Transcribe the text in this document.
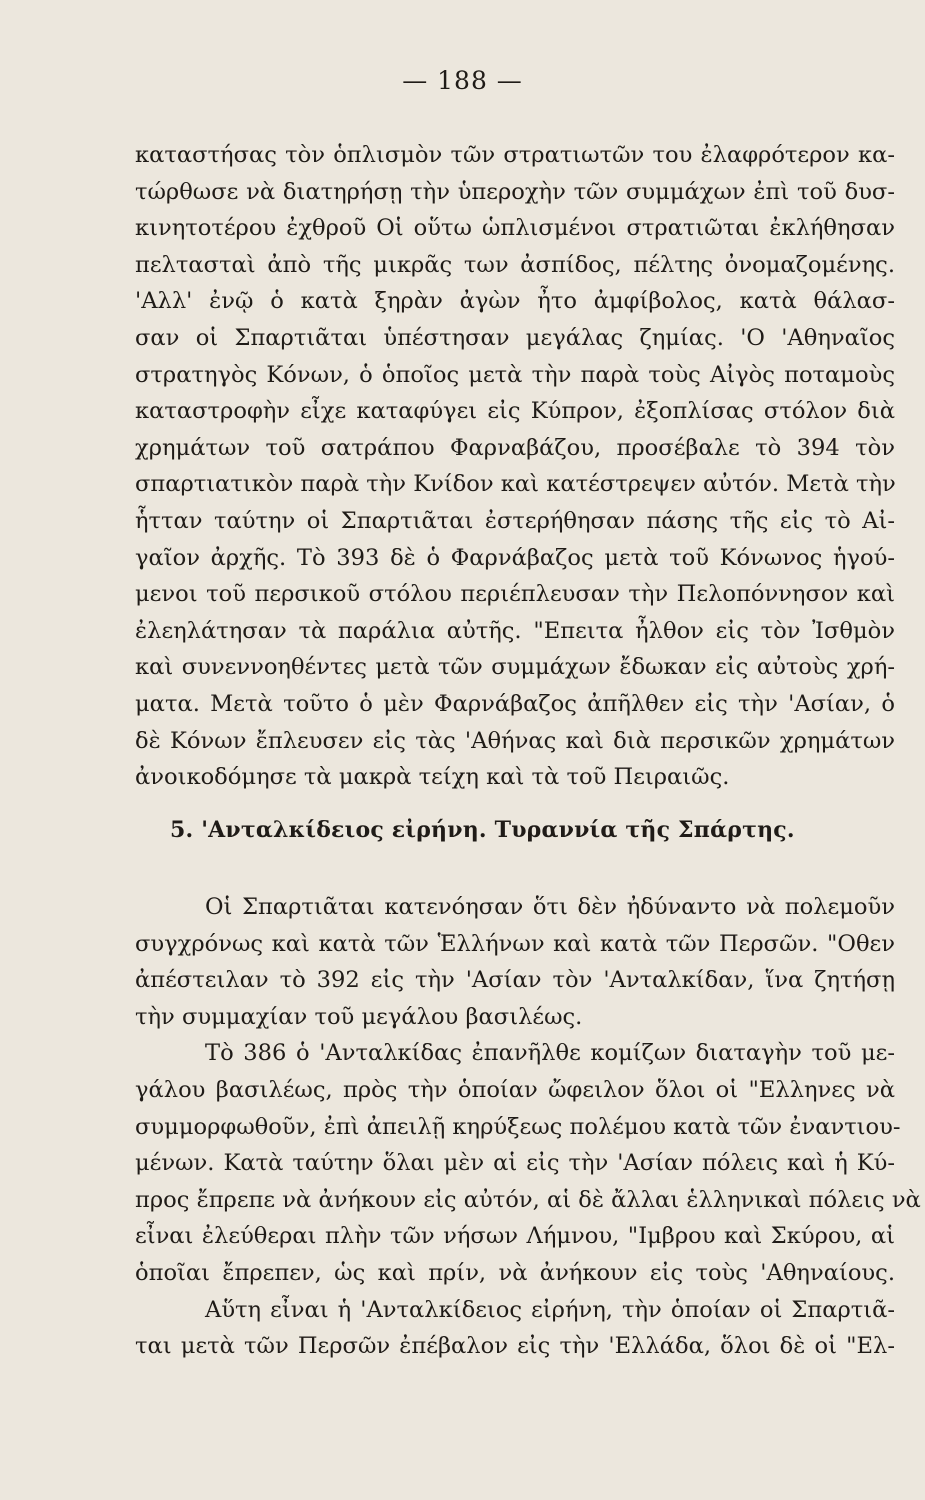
— 188 —
καταστήσας τὸν ὁπλισμὸν τῶν στρατιωτῶν του ἐλαφρότερον κα-
τώρθωσε νὰ διατηρήσῃ τὴν ὑπεροχὴν τῶν συμμάχων ἐπὶ τοῦ δυσ-
κινητοτέρου ἐχθροῦ Οἱ οὕτω ὡπλισμένοι στρατιῶται ἐκλήθησαν
πελτασταὶ ἀπὸ τῆς μικρᾶς των ἀσπίδος, πέλτης ὀνομαζομένης.
'Αλλ' ἐνῷ ὁ κατὰ ξηρὰν ἀγὼν ἦτο ἀμφίβολος, κατὰ θάλασ-
σαν οἱ Σπαρτιᾶται ὑπέστησαν μεγάλας ζημίας. 'Ο 'Αθηναῖος
στρατηγὸς Κόνων, ὁ ὁποῖος μετὰ τὴν παρὰ τοὺς Αἰγὸς ποταμοὺς
καταστροφὴν εἶχε καταφύγει εἰς Κύπρον, ἐξοπλίσας στόλον διὰ
χρημάτων τοῦ σατράπου Φαρναβάζου, προσέβαλε τὸ 394 τὸν
σπαρτιατικὸν παρὰ τὴν Κνίδον καὶ κατέστρεψεν αὐτόν. Μετὰ τὴν
ἧτταν ταύτην οἱ Σπαρτιᾶται ἐστερήθησαν πάσης τῆς εἰς τὸ Αἰ-
γαῖον ἀρχῆς. Τὸ 393 δὲ ὁ Φαρνάβαζος μετὰ τοῦ Κόνωνος ἡγού-
μενοι τοῦ περσικοῦ στόλου περιέπλευσαν τὴν Πελοπόννησον καὶ
ἐλεηλάτησαν τὰ παράλια αὐτῆς. "Επειτα ἦλθον εἰς τὸν Ἰσθμὸν
καὶ συνεννοηθέντες μετὰ τῶν συμμάχων ἔδωκαν εἰς αὐτοὺς χρή-
ματα. Μετὰ τοῦτο ὁ μὲν Φαρνάβαζος ἀπῆλθεν εἰς τὴν 'Ασίαν, ὁ
δὲ Κόνων ἔπλευσεν εἰς τὰς 'Αθήνας καὶ διὰ περσικῶν χρημάτων
ἀνοικοδόμησε τὰ μακρὰ τείχη καὶ τὰ τοῦ Πειραιῶς.
5. 'Ανταλκίδειος εἰρήνη. Τυραννία τῆς Σπάρτης.
Οἱ Σπαρτιᾶται κατενόησαν ὅτι δὲν ἠδύναντο νὰ πολεμοῦν
συγχρόνως καὶ κατὰ τῶν Ἑλλήνων καὶ κατὰ τῶν Περσῶν. "Οθεν
ἀπέστειλαν τὸ 392 εἰς τὴν 'Ασίαν τὸν 'Ανταλκίδαν, ἵνα ζητήσῃ
τὴν συμμαχίαν τοῦ μεγάλου βασιλέως.
Τὸ 386 ὁ 'Ανταλκίδας ἐπανῆλθε κομίζων διαταγὴν τοῦ με-
γάλου βασιλέως, πρὸς τὴν ὁποίαν ὤφειλον ὅλοι οἱ "Ελληνες νὰ
συμμορφωθοῦν, ἐπὶ ἀπειλῇ κηρύξεως πολέμου κατὰ τῶν ἐναντιου-
μένων. Κατὰ ταύτην ὅλαι μὲν αἱ εἰς τὴν 'Ασίαν πόλεις καὶ ἡ Κύ-
προς ἔπρεπε νὰ ἀνήκουν εἰς αὐτόν, αἱ δὲ ἄλλαι ἑλληνικαὶ πόλεις νὰ
εἶναι ἐλεύθεραι πλὴν τῶν νήσων Λήμνου, "Ιμβρου καὶ Σκύρου, αἱ
ὁποῖαι ἔπρεπεν, ὡς καὶ πρίν, νὰ ἀνήκουν εἰς τοὺς 'Αθηναίους.
Αὕτη εἶναι ἡ 'Ανταλκίδειος εἰρήνη, τὴν ὁποίαν οἱ Σπαρτιᾶ-
ται μετὰ τῶν Περσῶν ἐπέβαλον εἰς τὴν 'Ελλάδα, ὅλοι δὲ οἱ "Ελ-
